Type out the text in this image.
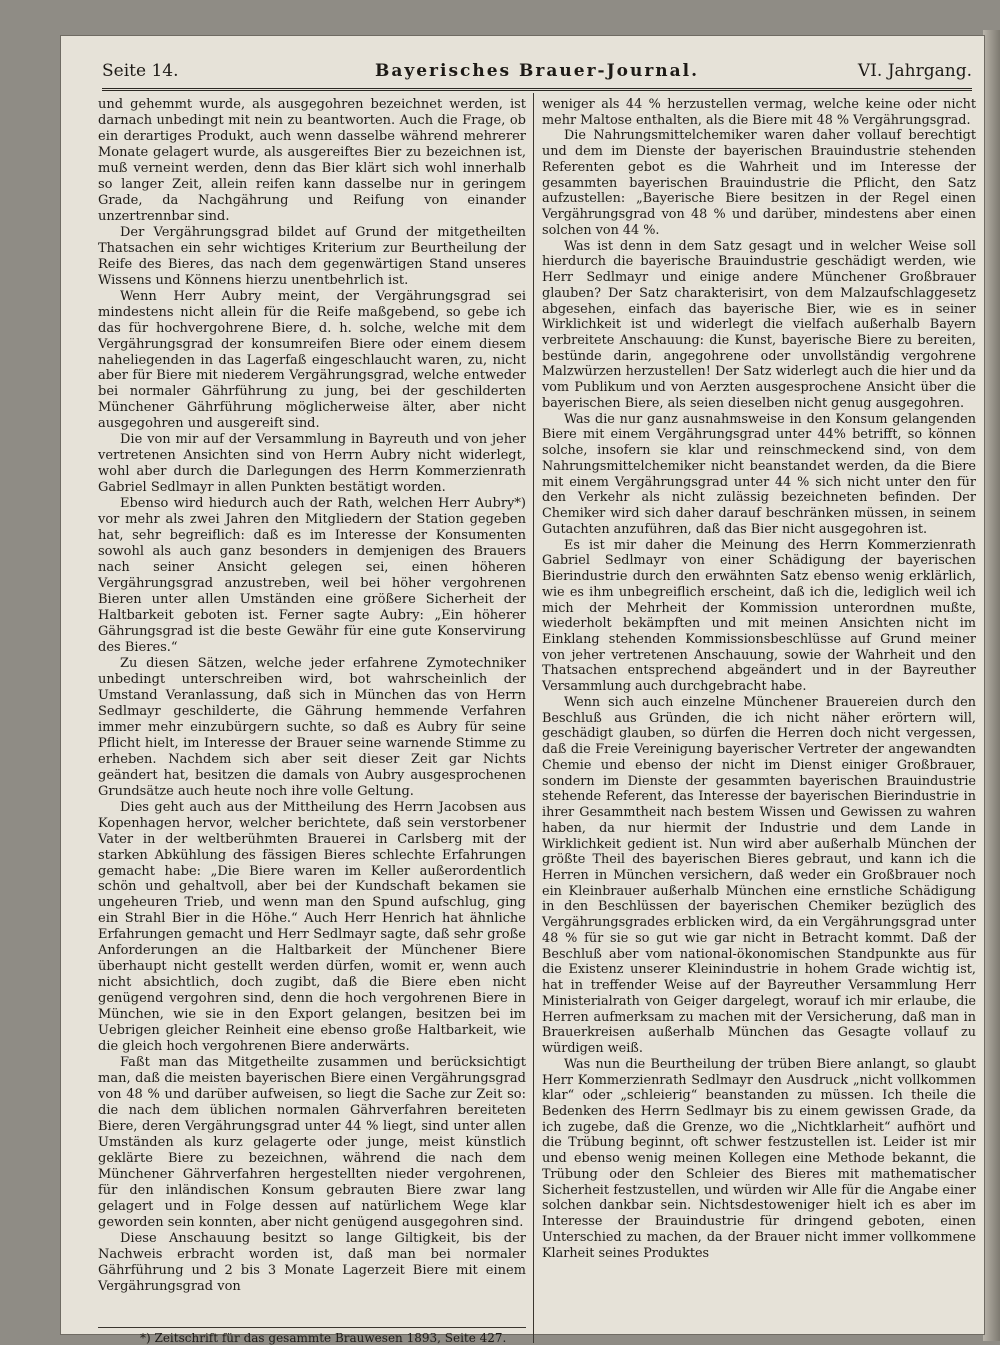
Seite 14.	Bayerisches Brauer-Journal.	VI. Jahrgang.

und gehemmt wurde, als ausgegohren bezeichnet werden, ist darnach unbedingt mit nein zu beantworten. Auch die Frage, ob ein derartiges Produkt, auch wenn dasselbe während mehrerer Monate gelagert wurde, als ausgereiftes Bier zu bezeichnen ist, muß verneint werden, denn das Bier klärt sich wohl innerhalb so langer Zeit, allein reifen kann dasselbe nur in geringem Grade, da Nachgährung und Reifung von einander unzertrennbar sind.

Der Vergährungsgrad bildet auf Grund der mitgetheilten Thatsachen ein sehr wichtiges Kriterium zur Beurtheilung der Reife des Bieres, das nach dem gegenwärtigen Stand unseres Wissens und Könnens hierzu unentbehrlich ist.

Wenn Herr Aubry meint, der Vergährungsgrad sei mindestens nicht allein für die Reife maßgebend, so gebe ich das für hochvergohrene Biere, d. h. solche, welche mit dem Vergährungsgrad der konsumreifen Biere oder einem diesem naheliegenden in das Lagerfaß eingeschlaucht waren, zu, nicht aber für Biere mit niederem Vergährungsgrad, welche entweder bei normaler Gährführung zu jung, bei der geschilderten Münchener Gährführung möglicherweise älter, aber nicht ausgegohren und ausgereift sind.

Die von mir auf der Versammlung in Bayreuth und von jeher vertretenen Ansichten sind von Herrn Aubry nicht widerlegt, wohl aber durch die Darlegungen des Herrn Kommerzienrath Gabriel Sedlmayr in allen Punkten bestätigt worden.

Ebenso wird hiedurch auch der Rath, welchen Herr Aubry*) vor mehr als zwei Jahren den Mitgliedern der Station gegeben hat, sehr begreiflich: daß es im Interesse der Konsumenten sowohl als auch ganz besonders in demjenigen des Brauers nach seiner Ansicht gelegen sei, einen höheren Vergährungsgrad anzustreben, weil bei höher vergohrenen Bieren unter allen Umständen eine größere Sicherheit der Haltbarkeit geboten ist. Ferner sagte Aubry: „Ein höherer Gährungsgrad ist die beste Gewähr für eine gute Konservirung des Bieres.“

Zu diesen Sätzen, welche jeder erfahrene Zymotechniker unbedingt unterschreiben wird, bot wahrscheinlich der Umstand Veranlassung, daß sich in München das von Herrn Sedlmayr geschilderte, die Gährung hemmende Verfahren immer mehr einzubürgern suchte, so daß es Aubry für seine Pflicht hielt, im Interesse der Brauer seine warnende Stimme zu erheben. Nachdem sich aber seit dieser Zeit gar Nichts geändert hat, besitzen die damals von Aubry ausgesprochenen Grundsätze auch heute noch ihre volle Geltung.

Dies geht auch aus der Mittheilung des Herrn Jacobsen aus Kopenhagen hervor, welcher berichtete, daß sein verstorbener Vater in der weltberühmten Brauerei in Carlsberg mit der starken Abkühlung des fässigen Bieres schlechte Erfahrungen gemacht habe: „Die Biere waren im Keller außerordentlich schön und gehaltvoll, aber bei der Kundschaft bekamen sie ungeheuren Trieb, und wenn man den Spund aufschlug, ging ein Strahl Bier in die Höhe.“ Auch Herr Henrich hat ähnliche Erfahrungen gemacht und Herr Sedlmayr sagte, daß sehr große Anforderungen an die Haltbarkeit der Münchener Biere überhaupt nicht gestellt werden dürfen, womit er, wenn auch nicht absichtlich, doch zugibt, daß die Biere eben nicht genügend vergohren sind, denn die hoch vergohrenen Biere in München, wie sie in den Export gelangen, besitzen bei im Uebrigen gleicher Reinheit eine ebenso große Haltbarkeit, wie die gleich hoch vergohrenen Biere anderwärts.

Faßt man das Mitgetheilte zusammen und berücksichtigt man, daß die meisten bayerischen Biere einen Vergährungsgrad von 48 % und darüber aufweisen, so liegt die Sache zur Zeit so: die nach dem üblichen normalen Gährverfahren bereiteten Biere, deren Vergährungsgrad unter 44 % liegt, sind unter allen Umständen als kurz gelagerte oder junge, meist künstlich geklärte Biere zu bezeichnen, während die nach dem Münchener Gährverfahren hergestellten nieder vergohrenen, für den inländischen Konsum gebrauten Biere zwar lang gelagert und in Folge dessen auf natürlichem Wege klar geworden sein konnten, aber nicht genügend ausgegohren sind.

Diese Anschauung besitzt so lange Giltigkeit, bis der Nachweis erbracht worden ist, daß man bei normaler Gährführung und 2 bis 3 Monate Lagerzeit Biere mit einem Vergährungsgrad von

weniger als 44 % herzustellen vermag, welche keine oder nicht mehr Maltose enthalten, als die Biere mit 48 % Vergährungsgrad.

Die Nahrungsmittelchemiker waren daher vollauf berechtigt und dem im Dienste der bayerischen Brauindustrie stehenden Referenten gebot es die Wahrheit und im Interesse der gesammten bayerischen Brauindustrie die Pflicht, den Satz aufzustellen: „Bayerische Biere besitzen in der Regel einen Vergährungsgrad von 48 % und darüber, mindestens aber einen solchen von 44 %.

Was ist denn in dem Satz gesagt und in welcher Weise soll hierdurch die bayerische Brauindustrie geschädigt werden, wie Herr Sedlmayr und einige andere Münchener Großbrauer glauben? Der Satz charakterisirt, von dem Malzaufschlaggesetz abgesehen, einfach das bayerische Bier, wie es in seiner Wirklichkeit ist und widerlegt die vielfach außerhalb Bayern verbreitete Anschauung: die Kunst, bayerische Biere zu bereiten, bestünde darin, angegohrene oder unvollständig vergohrene Malzwürzen herzustellen! Der Satz widerlegt auch die hier und da vom Publikum und von Aerzten ausgesprochene Ansicht über die bayerischen Biere, als seien dieselben nicht genug ausgegohren.

Was die nur ganz ausnahmsweise in den Konsum gelangenden Biere mit einem Vergährungsgrad unter 44% betrifft, so können solche, insofern sie klar und reinschmeckend sind, von dem Nahrungsmittelchemiker nicht beanstandet werden, da die Biere mit einem Vergährungsgrad unter 44 % sich nicht unter den für den Verkehr als nicht zulässig bezeichneten befinden. Der Chemiker wird sich daher darauf beschränken müssen, in seinem Gutachten anzuführen, daß das Bier nicht ausgegohren ist.

Es ist mir daher die Meinung des Herrn Kommerzienrath Gabriel Sedlmayr von einer Schädigung der bayerischen Bierindustrie durch den erwähnten Satz ebenso wenig erklärlich, wie es ihm unbegreiflich erscheint, daß ich die, lediglich weil ich mich der Mehrheit der Kommission unterordnen mußte, wiederholt bekämpften und mit meinen Ansichten nicht im Einklang stehenden Kommissionsbeschlüsse auf Grund meiner von jeher vertretenen Anschauung, sowie der Wahrheit und den Thatsachen entsprechend abgeändert und in der Bayreuther Versammlung auch durchgebracht habe.

Wenn sich auch einzelne Münchener Brauereien durch den Beschluß aus Gründen, die ich nicht näher erörtern will, geschädigt glauben, so dürfen die Herren doch nicht vergessen, daß die Freie Vereinigung bayerischer Vertreter der angewandten Chemie und ebenso der nicht im Dienst einiger Großbrauer, sondern im Dienste der gesammten bayerischen Brauindustrie stehende Referent, das Interesse der bayerischen Bierindustrie in ihrer Gesammtheit nach bestem Wissen und Gewissen zu wahren haben, da nur hiermit der Industrie und dem Lande in Wirklichkeit gedient ist. Nun wird aber außerhalb München der größte Theil des bayerischen Bieres gebraut, und kann ich die Herren in München versichern, daß weder ein Großbrauer noch ein Kleinbrauer außerhalb München eine ernstliche Schädigung in den Beschlüssen der bayerischen Chemiker bezüglich des Vergährungsgrades erblicken wird, da ein Vergährungsgrad unter 48 % für sie so gut wie gar nicht in Betracht kommt. Daß der Beschluß aber vom national-ökonomischen Standpunkte aus für die Existenz unserer Kleinindustrie in hohem Grade wichtig ist, hat in treffender Weise auf der Bayreuther Versammlung Herr Ministerialrath von Geiger dargelegt, worauf ich mir erlaube, die Herren aufmerksam zu machen mit der Versicherung, daß man in Brauerkreisen außerhalb München das Gesagte vollauf zu würdigen weiß.

Was nun die Beurtheilung der trüben Biere anlangt, so glaubt Herr Kommerzienrath Sedlmayr den Ausdruck „nicht vollkommen klar“ oder „schleierig“ beanstanden zu müssen. Ich theile die Bedenken des Herrn Sedlmayr bis zu einem gewissen Grade, da ich zugebe, daß die Grenze, wo die „Nichtklarheit“ aufhört und die Trübung beginnt, oft schwer festzustellen ist. Leider ist mir und ebenso wenig meinen Kollegen eine Methode bekannt, die Trübung oder den Schleier des Bieres mit mathematischer Sicherheit festzustellen, und würden wir Alle für die Angabe einer solchen dankbar sein. Nichtsdestoweniger hielt ich es aber im Interesse der Brauindustrie für dringend geboten, einen Unterschied zu machen, da der Brauer nicht immer vollkommene Klarheit seines Produktes

*) Zeitschrift für das gesammte Brauwesen 1893, Seite 427.
